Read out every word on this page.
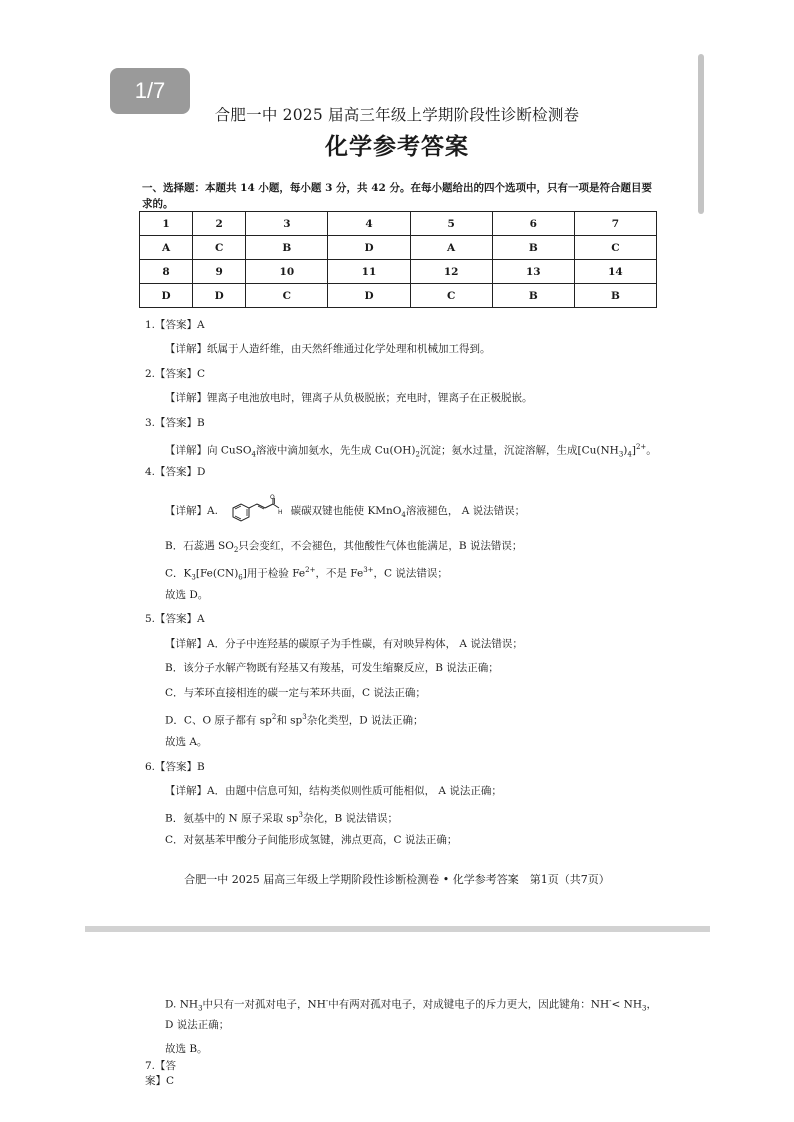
1/7
合肥一中 2025 届高三年级上学期阶段性诊断检测卷
化学参考答案
一、选择题：本题共 14 小题，每小题 3 分，共 42 分。在每小题给出的四个选项中，只有一项是符合题目要求的。
1	2	3	4	5	6	7
A	C	B	D	A	B	C
8	9	10	11	12	13	14
D	D	C	D	C	B	B
1.【答案】A
【详解】纸属于人造纤维，由天然纤维通过化学处理和机械加工得到。
2.【答案】C
【详解】锂离子电池放电时，锂离子从负极脱嵌；充电时，锂离子在正极脱嵌。
3.【答案】B
【详解】向 CuSO$_4$溶液中滴加氨水，先生成 $Cu(OH)_2$沉淀；氨水过量，沉淀溶解，生成$[Cu(NH_3)_4]^{2+}$。
4.【答案】D
【详解】A.
O
H 碳碳双键也能使 KMnO$_4$溶液褪色， A 说法错误；
B．石蕊遇 $SO_2$只会变红，不会褪色，其他酸性气体也能满足，B 说法错误；
C．$K_3[Fe(CN)_6]$用于检验 $Fe^{2+}$，不是 $Fe^{3+}$，C 说法错误；
故选 D。
5.【答案】A
【详解】A．分子中连羟基的碳原子为手性碳，有对映异构体， A 说法错误；
B．该分子水解产物既有羟基又有羧基，可发生缩聚反应，B 说法正确；
C．与苯环直接相连的碳一定与苯环共面，C 说法正确；
D．C、O 原子都有 $sp^2$和 $sp^3$杂化类型，D 说法正确；
故选 A。
6.【答案】B
【详解】A．由题中信息可知，结构类似则性质可能相似， A 说法正确；
B．氨基中的 N 原子采取 $sp^3$杂化，B 说法错误；
C．对氨基苯甲酸分子间能形成氢键，沸点更高，C 说法正确；
合肥一中 2025 届高三年级上学期阶段性诊断检测卷 • 化学参考答案　第1页（共7页）
D. $NH_3$中只有一对孤对电子，NH-中有两对孤对电子，对成键电子的斥力更大，因此键角：$NH^-< NH_3$，
D 说法正确；
故选 B。
7.【答案】C
